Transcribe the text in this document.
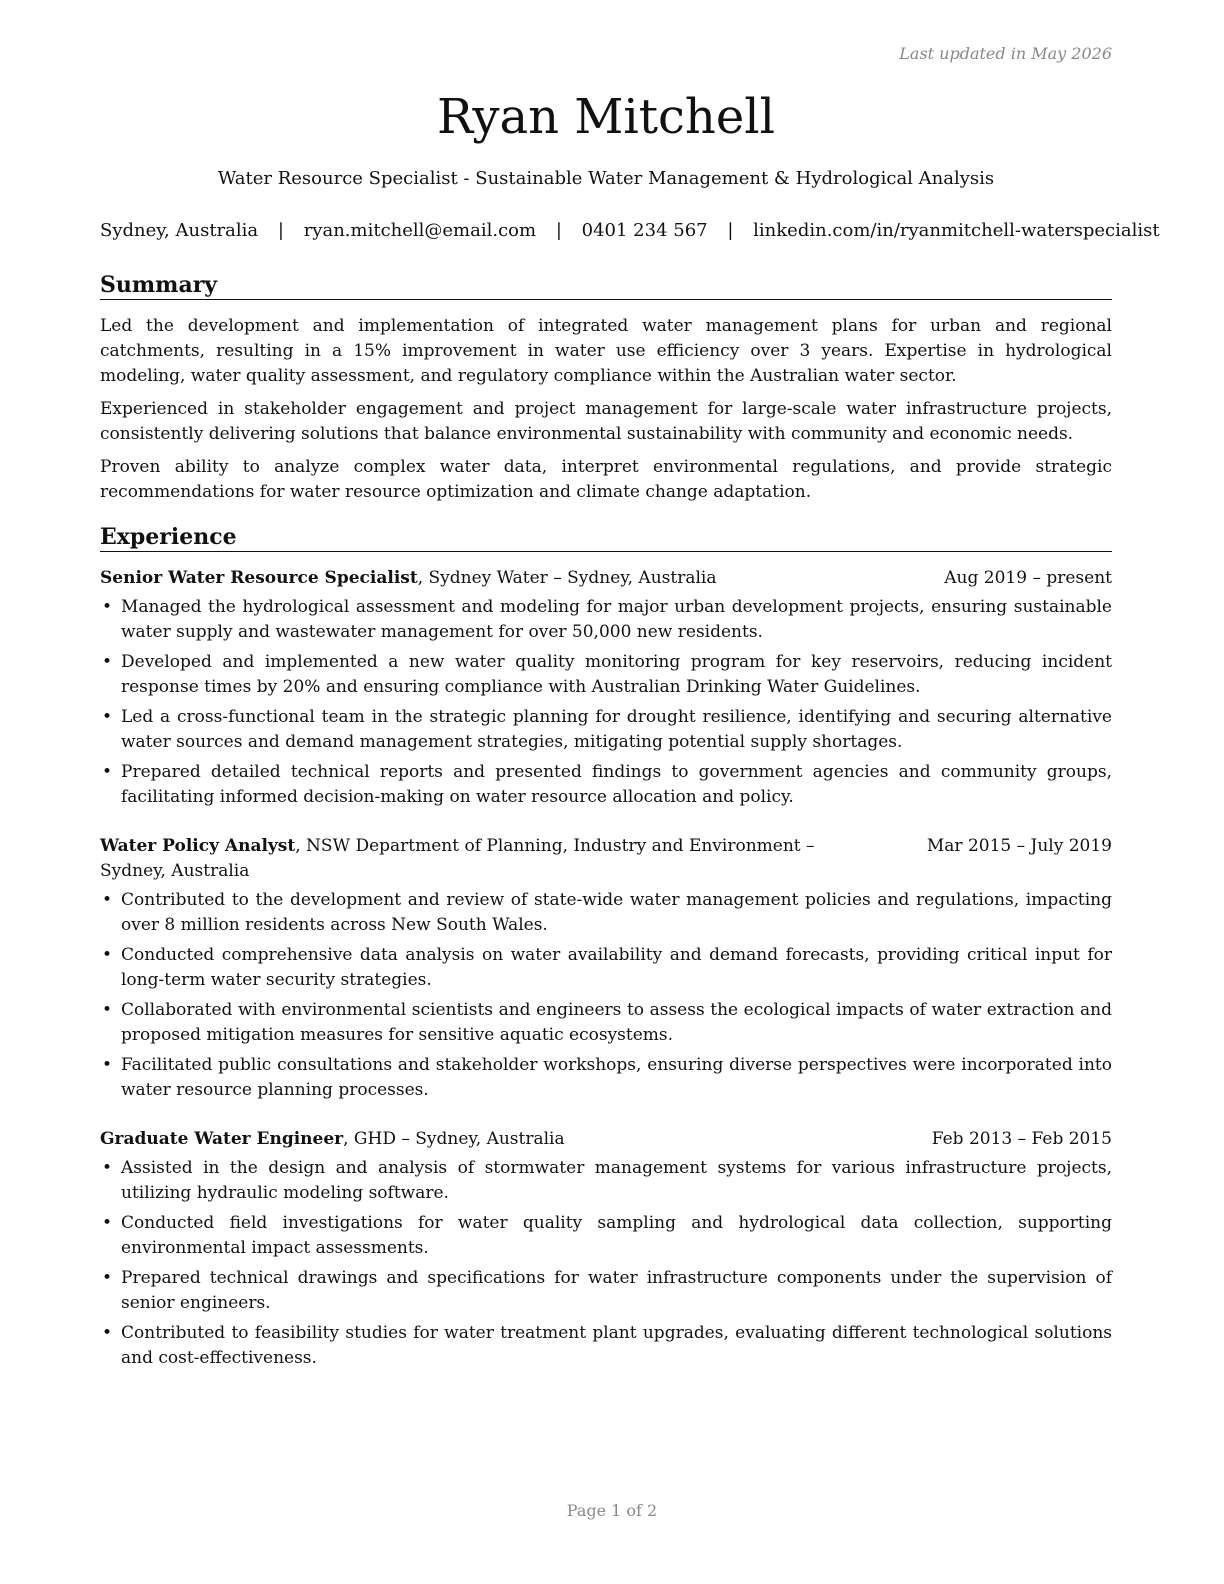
Last updated in May 2026
Ryan Mitchell
Water Resource Specialist - Sustainable Water Management & Hydrological Analysis
Sydney, Australia | ryan.mitchell@email.com | 0401 234 567 | linkedin.com/in/ryanmitchell-waterspecialist
Summary

Led the development and implementation of integrated water management plans for urban and regional catchments, resulting in a 15% improvement in water use efficiency over 3 years. Expertise in hydrological modeling, water quality assessment, and regulatory compliance within the Australian water sector.

Experienced in stakeholder engagement and project management for large-scale water infrastructure projects, consistently delivering solutions that balance environmental sustainability with community and economic needs.

Proven ability to analyze complex water data, interpret environmental regulations, and provide strategic recommendations for water resource optimization and climate change adaptation.

Experience
Senior Water Resource Specialist, Sydney Water – Sydney, Australia	Aug 2019 – present
• Managed the hydrological assessment and modeling for major urban development projects, ensuring sustainable water supply and wastewater management for over 50,000 new residents.
• Developed and implemented a new water quality monitoring program for key reservoirs, reducing incident response times by 20% and ensuring compliance with Australian Drinking Water Guidelines.
• Led a cross-functional team in the strategic planning for drought resilience, identifying and securing alternative water sources and demand management strategies, mitigating potential supply shortages.
• Prepared detailed technical reports and presented findings to government agencies and community groups, facilitating informed decision-making on water resource allocation and policy.
Water Policy Analyst, NSW Department of Planning, Industry and Environment – Sydney, Australia
Mar 2015 – July 2019
• Contributed to the development and review of state-wide water management policies and regulations, impacting over 8 million residents across New South Wales.
• Conducted comprehensive data analysis on water availability and demand forecasts, providing critical input for long-term water security strategies.
• Collaborated with environmental scientists and engineers to assess the ecological impacts of water extraction and proposed mitigation measures for sensitive aquatic ecosystems.
• Facilitated public consultations and stakeholder workshops, ensuring diverse perspectives were incorporated into water resource planning processes.
Graduate Water Engineer, GHD – Sydney, Australia	Feb 2013 – Feb 2015
• Assisted in the design and analysis of stormwater management systems for various infrastructure projects, utilizing hydraulic modeling software.
• Conducted field investigations for water quality sampling and hydrological data collection, supporting environmental impact assessments.
• Prepared technical drawings and specifications for water infrastructure components under the supervision of senior engineers.
• Contributed to feasibility studies for water treatment plant upgrades, evaluating different technological solutions and cost-effectiveness.
Page 1 of 2
